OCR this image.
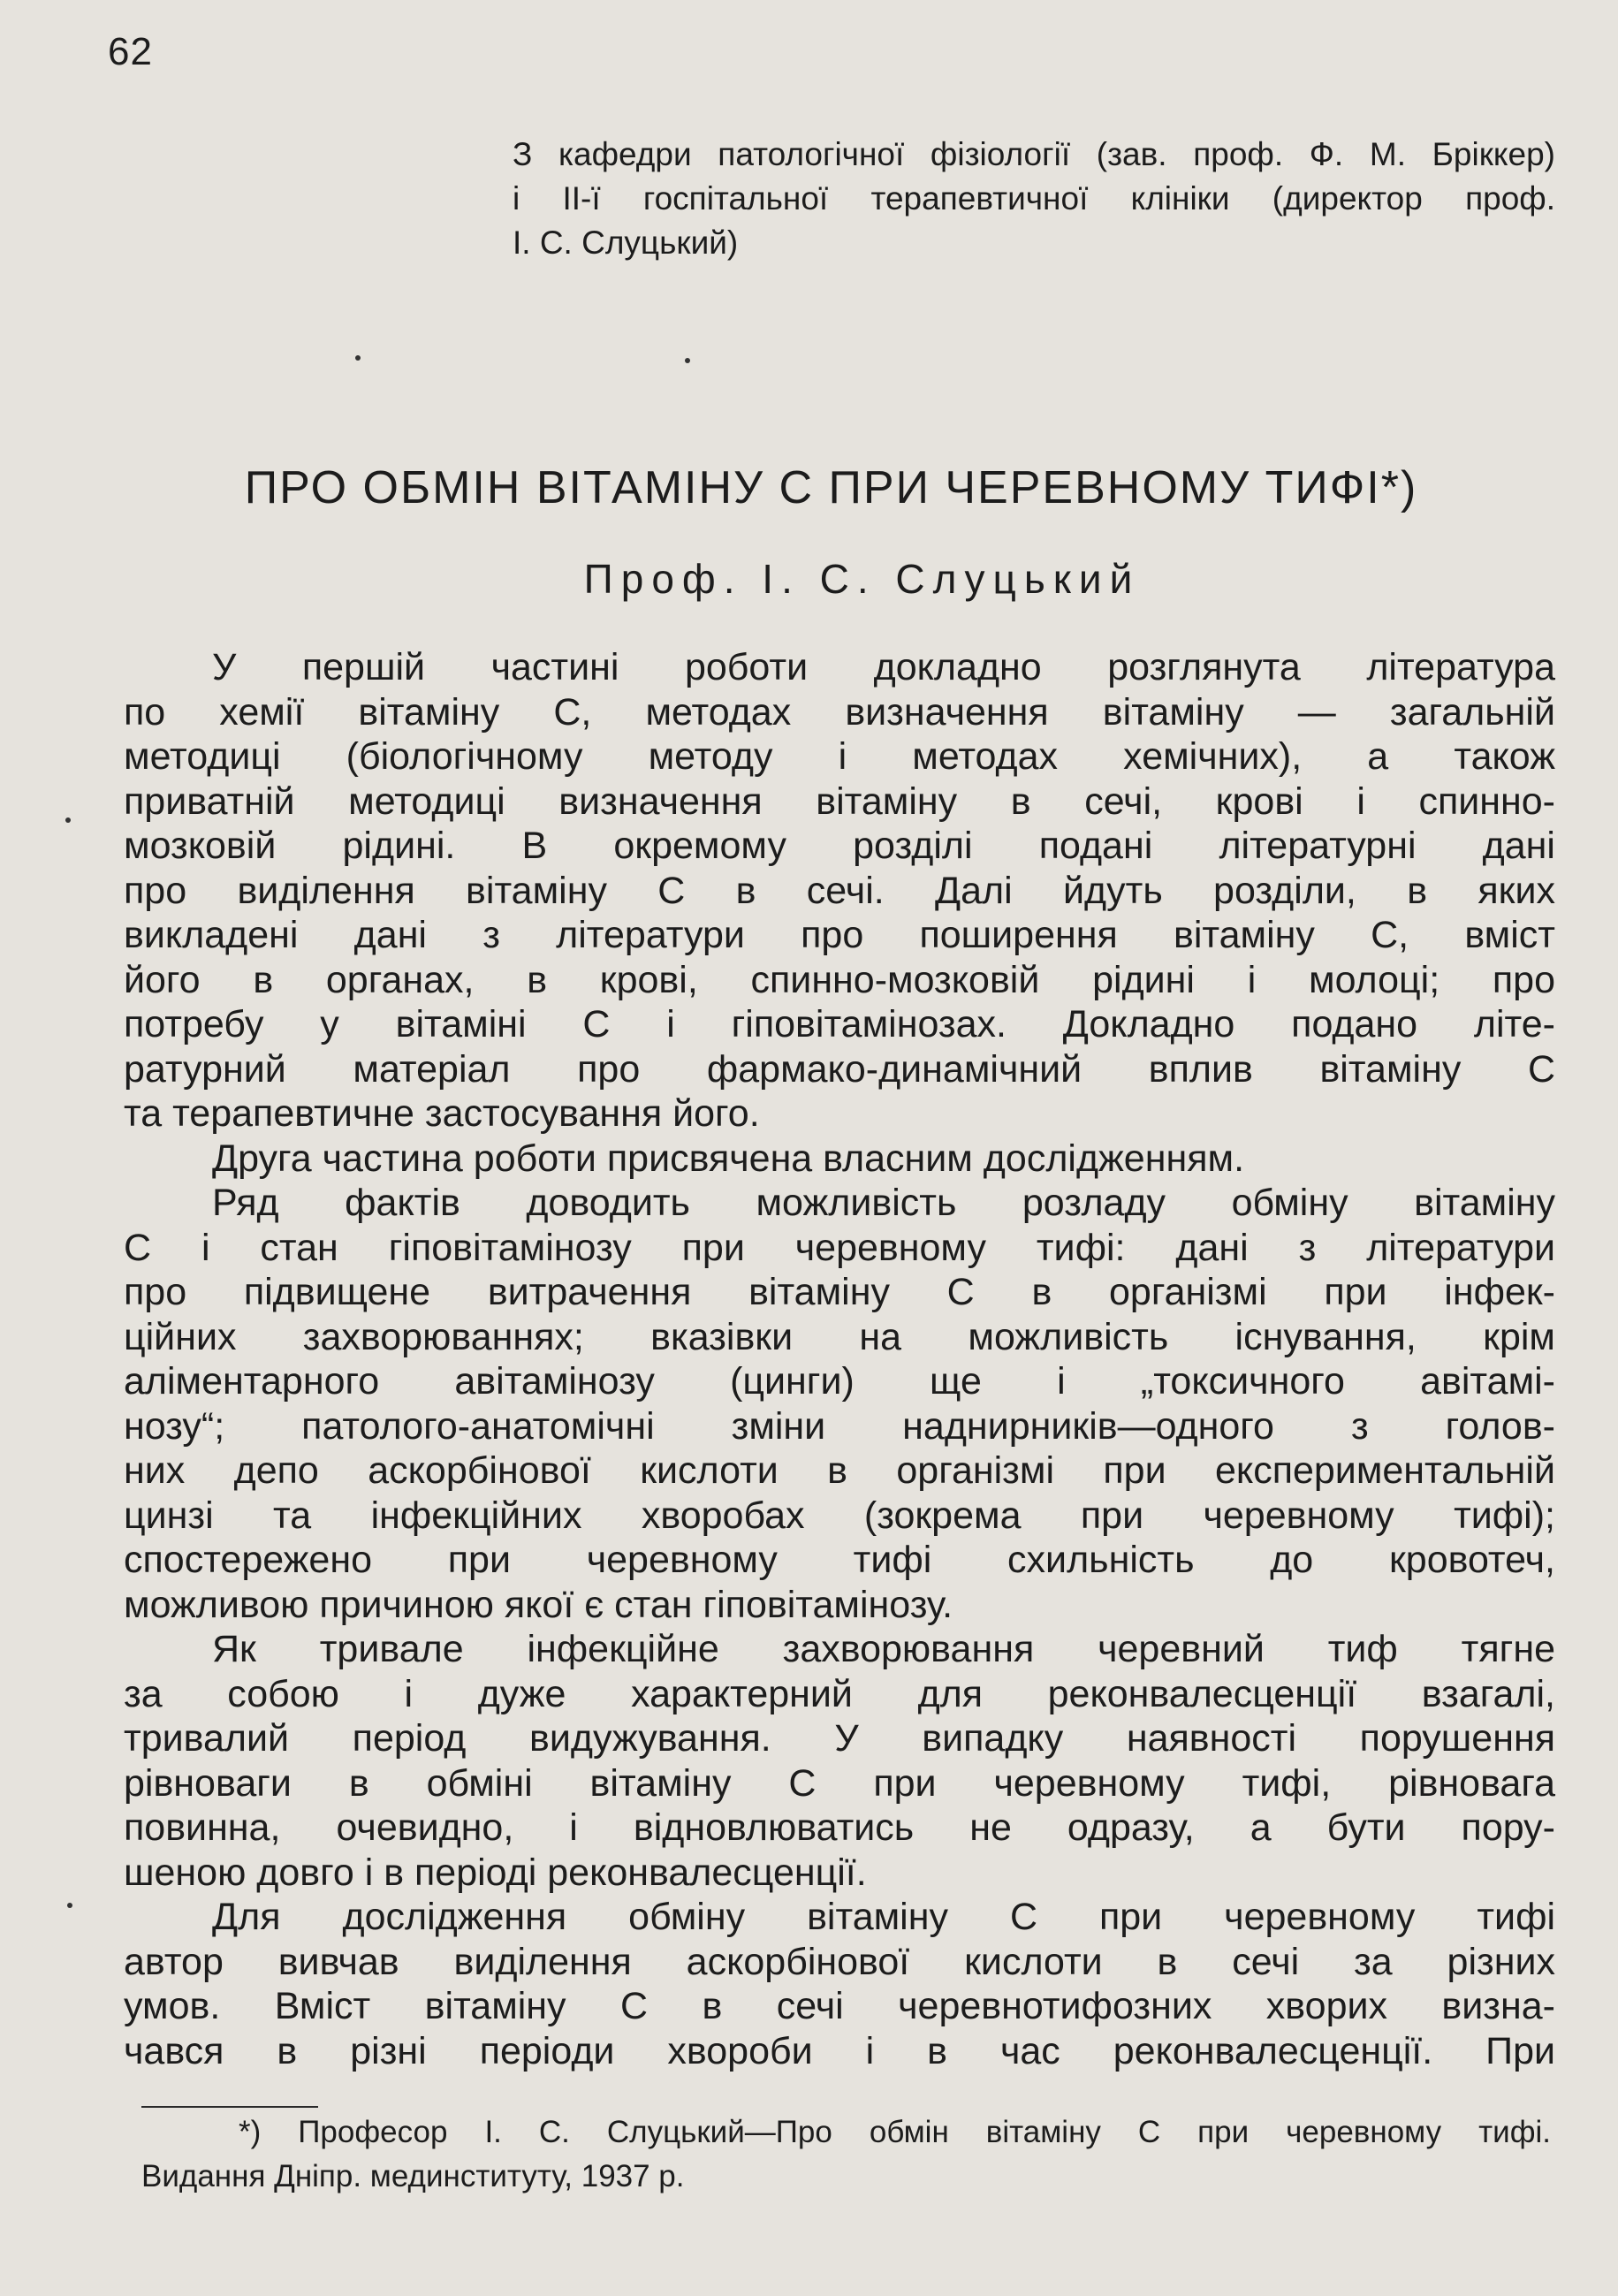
62
З кафедри патологічної фізіології (зав. проф. Ф. М. Бріккер)
і II-ї госпітальної терапевтичної клініки (директор проф.
І. С. Слуцький)
ПРО ОБМІН ВІТАМІНУ С ПРИ ЧЕРЕВНОМУ ТИФІ*)
Проф. І. С. Слуцький
У першій частині роботи докладно розглянута література
по хемії вітаміну С, методах визначення вітаміну — загальній
методиці (біологічному методу і методах хемічних), а також
приватній методиці визначення вітаміну в сечі, крові і спинно-
мозковій рідині. В окремому розділі подані літературні дані
про виділення вітаміну С в сечі. Далі йдуть розділи, в яких
викладені дані з літератури про поширення вітаміну С, вміст
його в органах, в крові, спинно-мозковій рідині і молоці; про
потребу у вітаміні С і гіповітамінозах. Докладно подано літе-
ратурний матеріал про фармако-динамічний вплив вітаміну С
та терапевтичне застосування його.
Друга частина роботи присвячена власним дослідженням.
Ряд фактів доводить можливість розладу обміну вітаміну
С і стан гіповітамінозу при черевному тифі: дані з літератури
про підвищене витрачення вітаміну С в організмі при інфек-
ційних захворюваннях; вказівки на можливість існування, крім
аліментарного авітамінозу (цинги) ще і „токсичного авітамі-
нозу“; патолого-анатомічні зміни наднирників—одного з голов-
них депо аскорбінової кислоти в організмі при експериментальній
цинзі та інфекційних хворобах (зокрема при черевному тифі);
спостережено при черевному тифі схильність до кровотеч,
можливою причиною якої є стан гіповітамінозу.
Як тривале інфекційне захворювання черевний тиф тягне
за собою і дуже характерний для реконвалесценції взагалі,
тривалий період видужування. У випадку наявності порушення
рівноваги в обміні вітаміну С при черевному тифі, рівновага
повинна, очевидно, і відновлюватись не одразу, а бути пору-
шеною довго і в періоді реконвалесценції.
Для дослідження обміну вітаміну С при черевному тифі
автор вивчав виділення аскорбінової кислоти в сечі за різних
умов. Вміст вітаміну С в сечі черевнотифозних хворих визна-
чався в різні періоди хвороби і в час реконвалесценції. При
*) Професор І. С. Слуцький—Про обмін вітаміну С при черевному тифі.
Видання Дніпр. мединституту, 1937 р.
